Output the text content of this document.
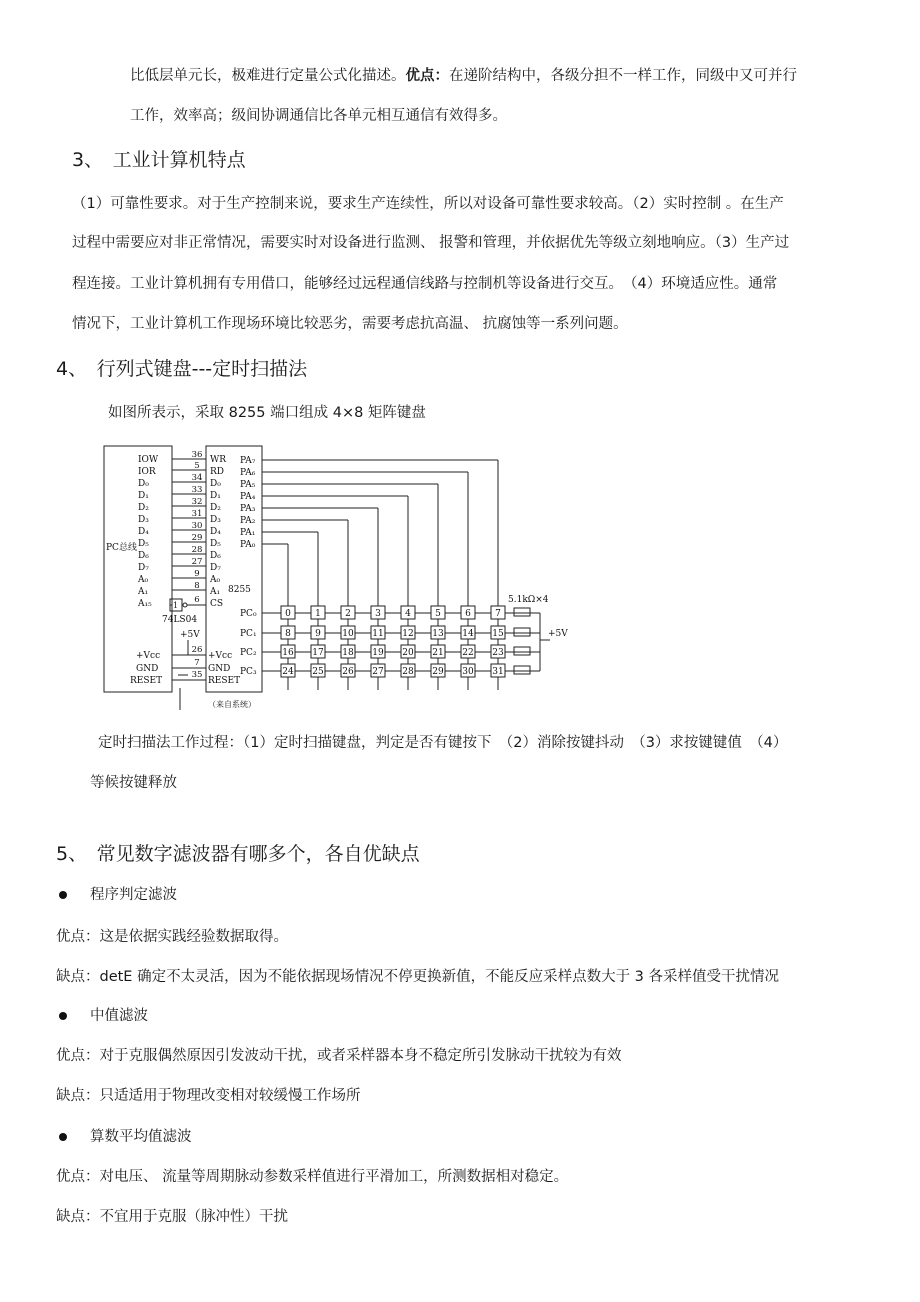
比低层单元长，极难进行定量公式化描述。优点：在递阶结构中，各级分担不一样工作，同级中又可并行
工作，效率高；级间协调通信比各单元相互通信有效得多。
3、　工业计算机特点
（1）可靠性要求。对于生产控制来说，要求生产连续性，所以对设备可靠性要求较高。（2）实时控制 。在生产
过程中需要应对非正常情况，需要实时对设备进行监测、 报警和管理，并依据优先等级立刻地响应。（3）生产过
程连接。工业计算机拥有专用借口，能够经过远程通信线路与控制机等设备进行交互。　（4）环境适应性。通常
情况下，工业计算机工作现场环境比较恶劣，需要考虑抗高温、 抗腐蚀等一系列问题。
4、　行列式键盘---定时扫描法
如图所表示，采取 8255 端口组成 4×8 矩阵键盘
0	1	2	3	4	5	6	7
8	9 10 11 12 13 14 15
16 17 18 19 20 21 22 23
24 25 26 27 28 29 30 31
IOW
IOR
D₀
D₁
D₂
D₃
D₄
D₅
D₆
D₇
A₀
A₁
A₁₅
PC总线
36
5
34
33
32
31
30
29
28
27
9
8
6
26
7
35
WR
RD
D₀
D₁
D₂
D₃
D₄
D₅
D₆
D₇
A₀
A₁
CS
8255
PA₇
PA₆
PA₅
PA₄
PA₃
PA₂
PA₁
PA₀
PC₀
PC₁
PC₂
PC₃
74LS04
1
+5V
+Vcc
GND
RESET
+Vcc
GND
RESET
5.1kΩ×4
+5V
（来自系统）
定时扫描法工作过程：（1）定时扫描键盘，判定是否有键按下　（2）消除按键抖动　（3）求按键键值　（4）
等候按键释放
5、　常见数字滤波器有哪多个，各自优缺点
程序判定滤波
优点：这是依据实践经验数据取得。
缺点：detE 确定不太灵活，因为不能依据现场情况不停更换新值，不能反应采样点数大于 3 各采样值受干扰情况
中值滤波
优点：对于克服偶然原因引发波动干扰，或者采样器本身不稳定所引发脉动干扰较为有效
缺点：只适适用于物理改变相对较缓慢工作场所
算数平均值滤波
优点：对电压、 流量等周期脉动参数采样值进行平滑加工，所测数据相对稳定。
缺点：不宜用于克服（脉冲性）干扰
